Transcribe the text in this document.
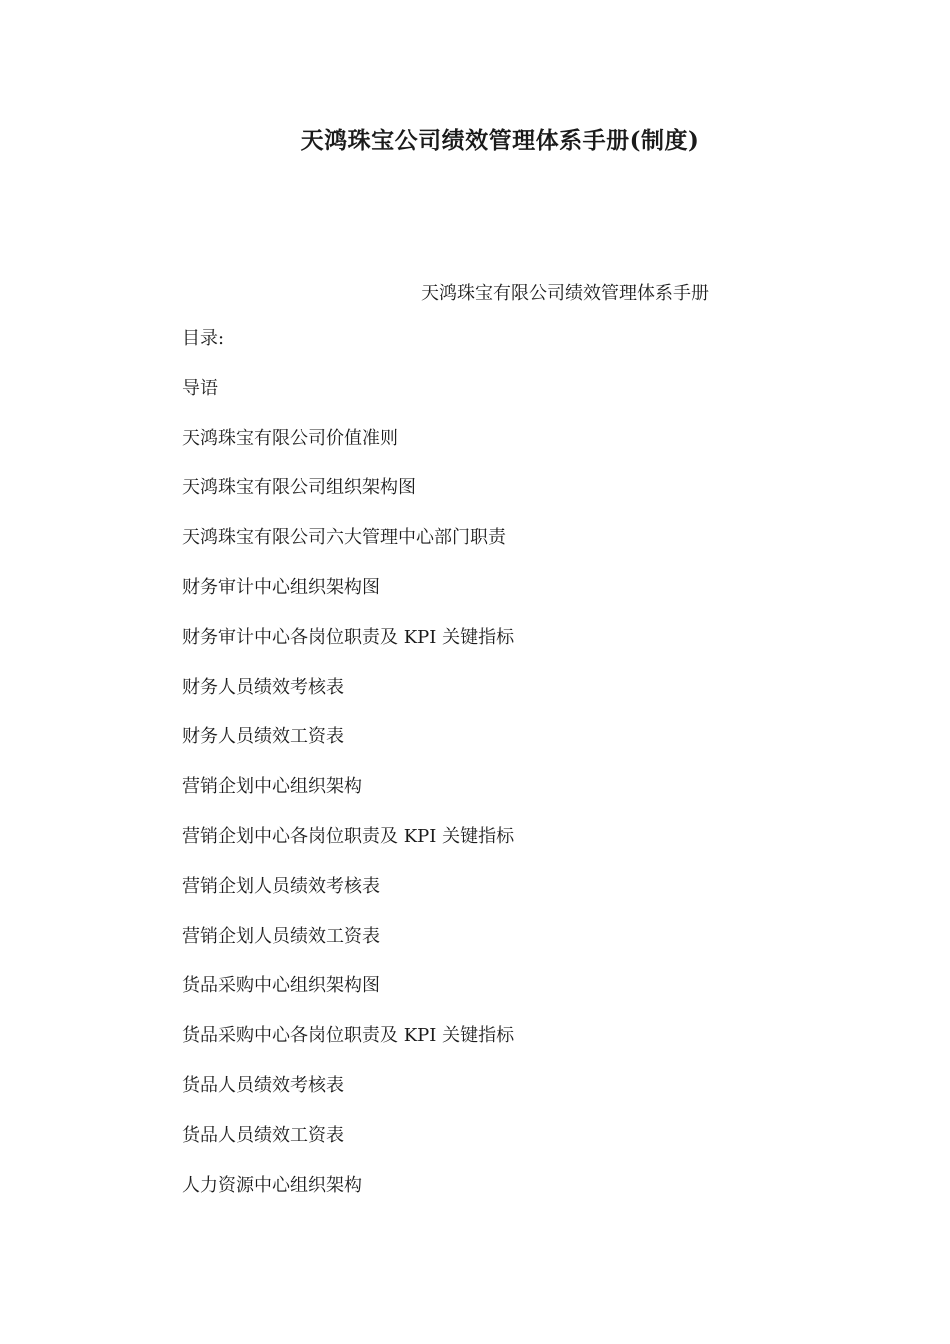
天鸿珠宝公司绩效管理体系手册(制度)

天鸿珠宝有限公司绩效管理体系手册

目录:
导语
天鸿珠宝有限公司价值准则
天鸿珠宝有限公司组织架构图
天鸿珠宝有限公司六大管理中心部门职责
财务审计中心组织架构图
财务审计中心各岗位职责及 KPI 关键指标
财务人员绩效考核表
财务人员绩效工资表
营销企划中心组织架构
营销企划中心各岗位职责及 KPI 关键指标
营销企划人员绩效考核表
营销企划人员绩效工资表
货品采购中心组织架构图
货品采购中心各岗位职责及 KPI 关键指标
货品人员绩效考核表
货品人员绩效工资表
人力资源中心组织架构
